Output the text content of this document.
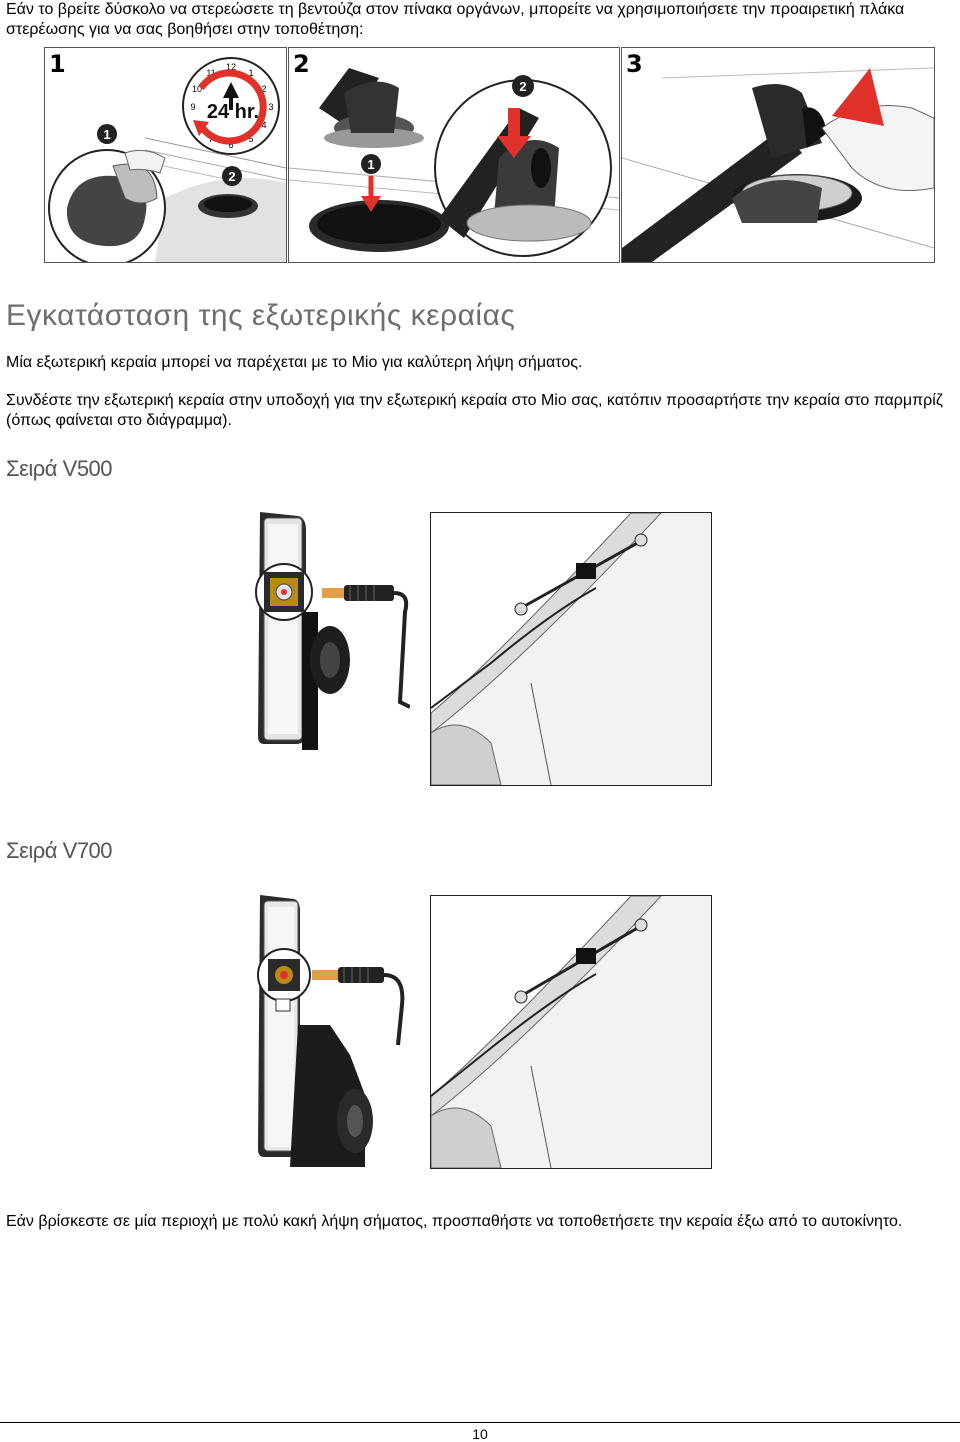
Εάν το βρείτε δύσκολο να στερεώσετε τη βεντούζα στον πίνακα οργάνων, μπορείτε να χρησιμοποιήσετε την προαιρετική πλάκα στερέωσης για να σας βοηθήσει στην τοποθέτηση:
1
1
2
12
1
2
3
4
5
6
7
9
10
11
24 hr.
2
1
2
3
Εγκατάσταση της εξωτερικής κεραίας
Μία εξωτερική κεραία μπορεί να παρέχεται με το Mio για καλύτερη λήψη σήματος.
Συνδέστε την εξωτερική κεραία στην υποδοχή για την εξωτερική κεραία στο Mio σας, κατόπιν προσαρτήστε την κεραία στο παρμπρίζ (όπως φαίνεται στο διάγραμμα).
Σειρά V500
Σειρά V700
Εάν βρίσκεστε σε μία περιοχή με πολύ κακή λήψη σήματος, προσπαθήστε να τοποθετήσετε την κεραία έξω από το αυτοκίνητο.
10
